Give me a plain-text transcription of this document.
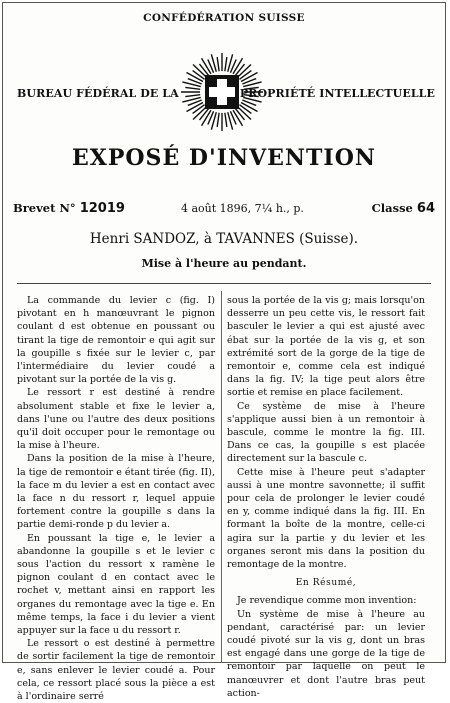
CONFÉDÉRATION SUISSE
BUREAU FÉDÉRAL DE LA	PROPRIÉTÉ INTELLECTUELLE
EXPOSÉ D'INVENTION
Brevet N° 12019	4 août 1896, 7¼ h., p.	Classe 64
Henri SANDOZ, à TAVANNES (Suisse).
Mise à l'heure au pendant.

La commande du levier c (fig. I) pivotant en h manœuvrant le pignon coulant d est obtenue en poussant ou tirant la tige de remontoir e qui agit sur la goupille s fixée sur le levier c, par l'intermédiaire du levier coudé a pivotant sur la portée de la vis g.

Le ressort r est destiné à rendre absolument stable et fixe le levier a, dans l'une ou l'autre des deux positions qu'il doit occuper pour le remontage ou la mise à l'heure.

Dans la position de la mise à l'heure, la tige de remontoir e étant tirée (fig. II), la face m du levier a est en contact avec la face n du ressort r, lequel appuie fortement contre la goupille s dans la partie demi-ronde p du levier a.

En poussant la tige e, le levier a abandonne la goupille s et le levier c sous l'action du ressort x ramène le pignon coulant d en contact avec le rochet v, mettant ainsi en rapport les organes du remontage avec la tige e. En même temps, la face i du levier a vient appuyer sur la face u du ressort r.

Le ressort o est destiné à permettre de sortir facilement la tige de remontoir e, sans enlever le levier coudé a. Pour cela, ce ressort placé sous la pièce a est à l'ordinaire serré

sous la portée de la vis g; mais lorsqu'on desserre un peu cette vis, le ressort fait basculer le levier a qui est ajusté avec ébat sur la portée de la vis g, et son extrémité sort de la gorge de la tige de remontoir e, comme cela est indiqué dans la fig. IV; la tige peut alors être sortie et remise en place facilement.

Ce système de mise à l'heure s'applique aussi bien à un remontoir à bascule, comme le montre la fig. III. Dans ce cas, la goupille s est placée directement sur la bascule c.

Cette mise à l'heure peut s'adapter aussi à une montre savonnette; il suffit pour cela de prolonger le levier coudé en y, comme indiqué dans la fig. III. En formant la boîte de la montre, celle-ci agira sur la partie y du levier et les organes seront mis dans la position du remontage de la montre.

En Résumé,

Je revendique comme mon invention:

Un système de mise à l'heure au pendant, caractérisé par: un levier coudé pivoté sur la vis g, dont un bras est engagé dans une gorge de la tige de remontoir par laquelle on peut le manœuvrer et dont l'autre bras peut action-
